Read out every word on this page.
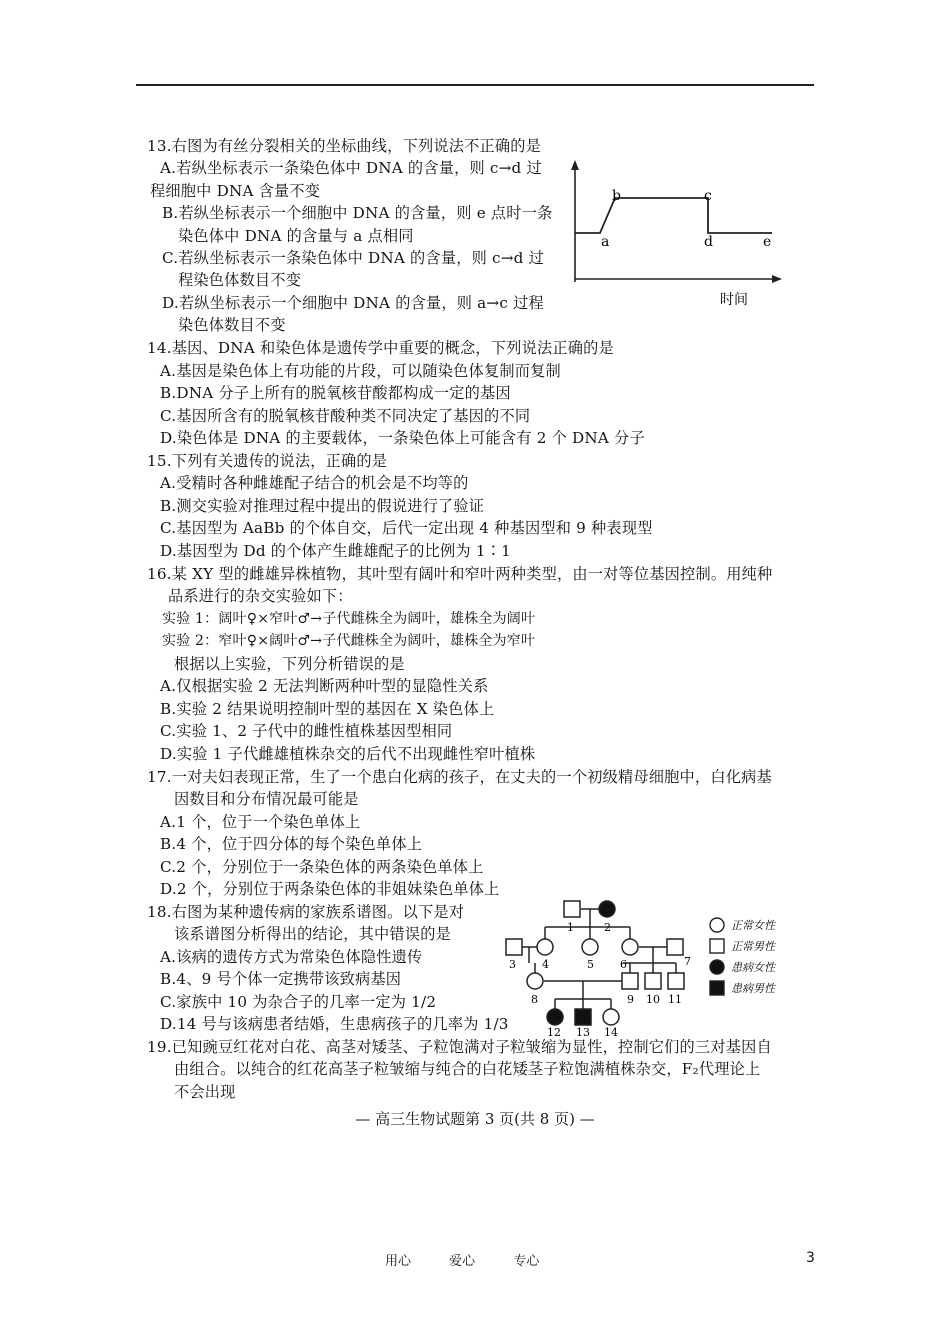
13.右图为有丝分裂相关的坐标曲线，下列说法不正确的是
A.若纵坐标表示一条染色体中 DNA 的含量，则 c→d 过
程细胞中 DNA 含量不变
B.若纵坐标表示一个细胞中 DNA 的含量，则 e 点时一条
染色体中 DNA 的含量与 a 点相同
C.若纵坐标表示一条染色体中 DNA 的含量，则 c→d 过
程染色体数目不变
D.若纵坐标表示一个细胞中 DNA 的含量，则 a→c 过程
染色体数目不变
a
b	c
d	e
时间
14.基因、DNA 和染色体是遗传学中重要的概念，下列说法正确的是
A.基因是染色体上有功能的片段，可以随染色体复制而复制
B.DNA 分子上所有的脱氧核苷酸都构成一定的基因
C.基因所含有的脱氧核苷酸种类不同决定了基因的不同
D.染色体是 DNA 的主要载体，一条染色体上可能含有 2 个 DNA 分子
15.下列有关遗传的说法，正确的是
A.受精时各种雌雄配子结合的机会是不均等的
B.测交实验对推理过程中提出的假说进行了验证
C.基因型为 AaBb 的个体自交，后代一定出现 4 种基因型和 9 种表现型
D.基因型为 Dd 的个体产生雌雄配子的比例为 1∶1
16.某 XY 型的雌雄异株植物，其叶型有阔叶和窄叶两种类型，由一对等位基因控制。用纯种
品系进行的杂交实验如下：
实验 1：阔叶♀×窄叶♂→子代雌株全为阔叶，雄株全为阔叶
实验 2：窄叶♀×阔叶♂→子代雌株全为阔叶，雄株全为窄叶
根据以上实验，下列分析错误的是
A.仅根据实验 2 无法判断两种叶型的显隐性关系
B.实验 2 结果说明控制叶型的基因在 X 染色体上
C.实验 1、2 子代中的雌性植株基因型相同
D.实验 1 子代雌雄植株杂交的后代不出现雌性窄叶植株
17.一对夫妇表现正常，生了一个患白化病的孩子，在丈夫的一个初级精母细胞中，白化病基
因数目和分布情况最可能是
A.1 个，位于一个染色单体上
B.4 个，位于四分体的每个染色单体上
C.2 个，分别位于一条染色体的两条染色单体上
D.2 个，分别位于两条染色体的非姐妹染色单体上
18.右图为某种遗传病的家族系谱图。以下是对
该系谱图分析得出的结论，其中错误的是
A.该病的遗传方式为常染色体隐性遗传
B.4、9 号个体一定携带该致病基因
C.家族中 10 为杂合子的几率一定为 1/2
D.14 号与该病患者结婚，生患病孩子的几率为 1/3
1	2
3 4	5 6	7
8	9 10 11
12 13 14
正常女性
正常男性
患病女性
患病男性
19.已知豌豆红花对白花、高茎对矮茎、子粒饱满对子粒皱缩为显性，控制它们的三对基因自
由组合。以纯合的红花高茎子粒皱缩与纯合的白花矮茎子粒饱满植株杂交，F₂代理论上
不会出现
— 高三生物试题第 3 页(共 8 页) —
用心	爱心	专心	3
